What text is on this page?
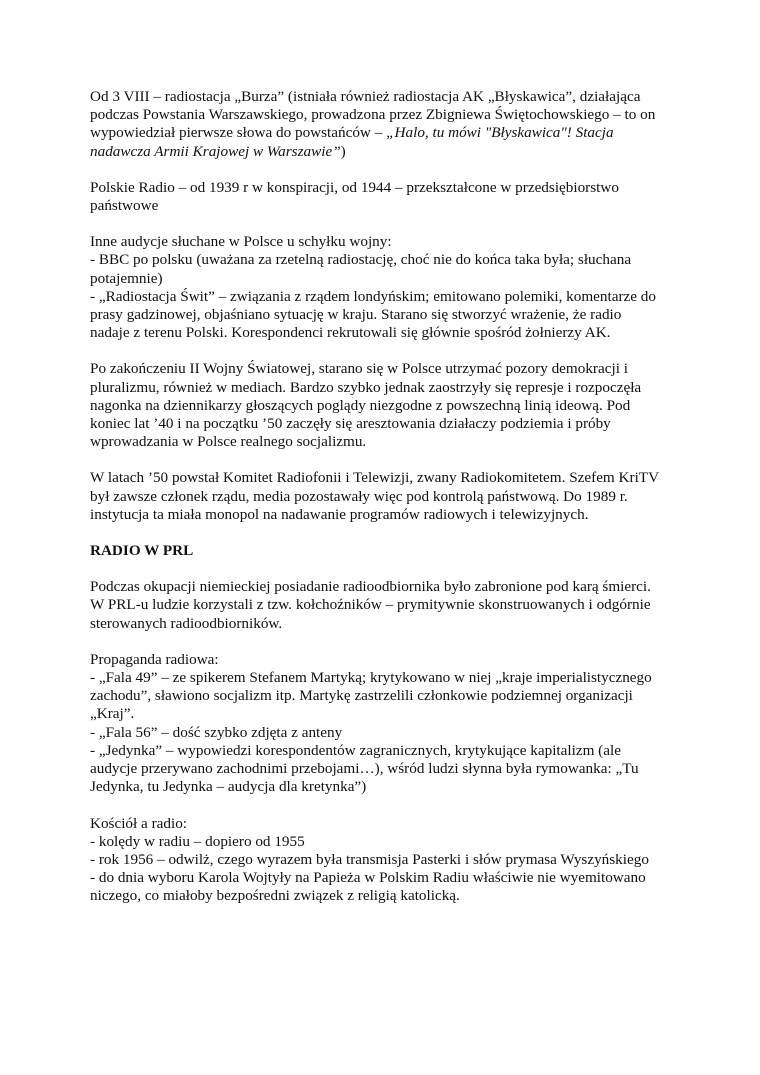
Od 3 VIII – radiostacja „Burza” (istniała również radiostacja AK „Błyskawica”, działająca
podczas Powstania Warszawskiego, prowadzona przez Zbigniewa Świętochowskiego – to on
wypowiedział pierwsze słowa do powstańców – „Halo, tu mówi "Błyskawica"! Stacja
nadawcza Armii Krajowej w Warszawie”)
Polskie Radio – od 1939 r w konspiracji, od 1944 – przekształcone w przedsiębiorstwo
państwowe
Inne audycje słuchane w Polsce u schyłku wojny:
- BBC po polsku (uważana za rzetelną radiostację, choć nie do końca taka była; słuchana
potajemnie)
- „Radiostacja Świt” – związania z rządem londyńskim; emitowano polemiki, komentarze do
prasy gadzinowej, objaśniano sytuację w kraju. Starano się stworzyć wrażenie, że radio
nadaje z terenu Polski. Korespondenci rekrutowali się głównie spośród żołnierzy AK.
Po zakończeniu II Wojny Światowej, starano się w Polsce utrzymać pozory demokracji i
pluralizmu, również w mediach. Bardzo szybko jednak zaostrzyły się represje i rozpoczęła
nagonka na dziennikarzy głoszących poglądy niezgodne z powszechną linią ideową. Pod
koniec lat ’40 i na początku ’50 zaczęły się aresztowania działaczy podziemia i próby
wprowadzania w Polsce realnego socjalizmu.
W latach ’50 powstał Komitet Radiofonii i Telewizji, zwany Radiokomitetem. Szefem KriTV
był zawsze członek rządu, media pozostawały więc pod kontrolą państwową. Do 1989 r.
instytucja ta miała monopol na nadawanie programów radiowych i telewizyjnych.
RADIO W PRL
Podczas okupacji niemieckiej posiadanie radioodbiornika było zabronione pod karą śmierci.
W PRL-u ludzie korzystali z tzw. kołchoźników – prymitywnie skonstruowanych i odgórnie
sterowanych radioodbiorników.
Propaganda radiowa:
- „Fala 49” – ze spikerem Stefanem Martyką; krytykowano w niej „kraje imperialistycznego
zachodu”, sławiono socjalizm itp. Martykę zastrzelili członkowie podziemnej organizacji
„Kraj”.
- „Fala 56” – dość szybko zdjęta z anteny
- „Jedynka” – wypowiedzi korespondentów zagranicznych, krytykujące kapitalizm (ale
audycje przerywano zachodnimi przebojami…), wśród ludzi słynna była rymowanka: „Tu
Jedynka, tu Jedynka – audycja dla kretynka”)
Kościół a radio:
- kolędy w radiu – dopiero od 1955
- rok 1956 – odwilż, czego wyrazem była transmisja Pasterki i słów prymasa Wyszyńskiego
- do dnia wyboru Karola Wojtyły na Papieża w Polskim Radiu właściwie nie wyemitowano
niczego, co miałoby bezpośredni związek z religią katolicką.
